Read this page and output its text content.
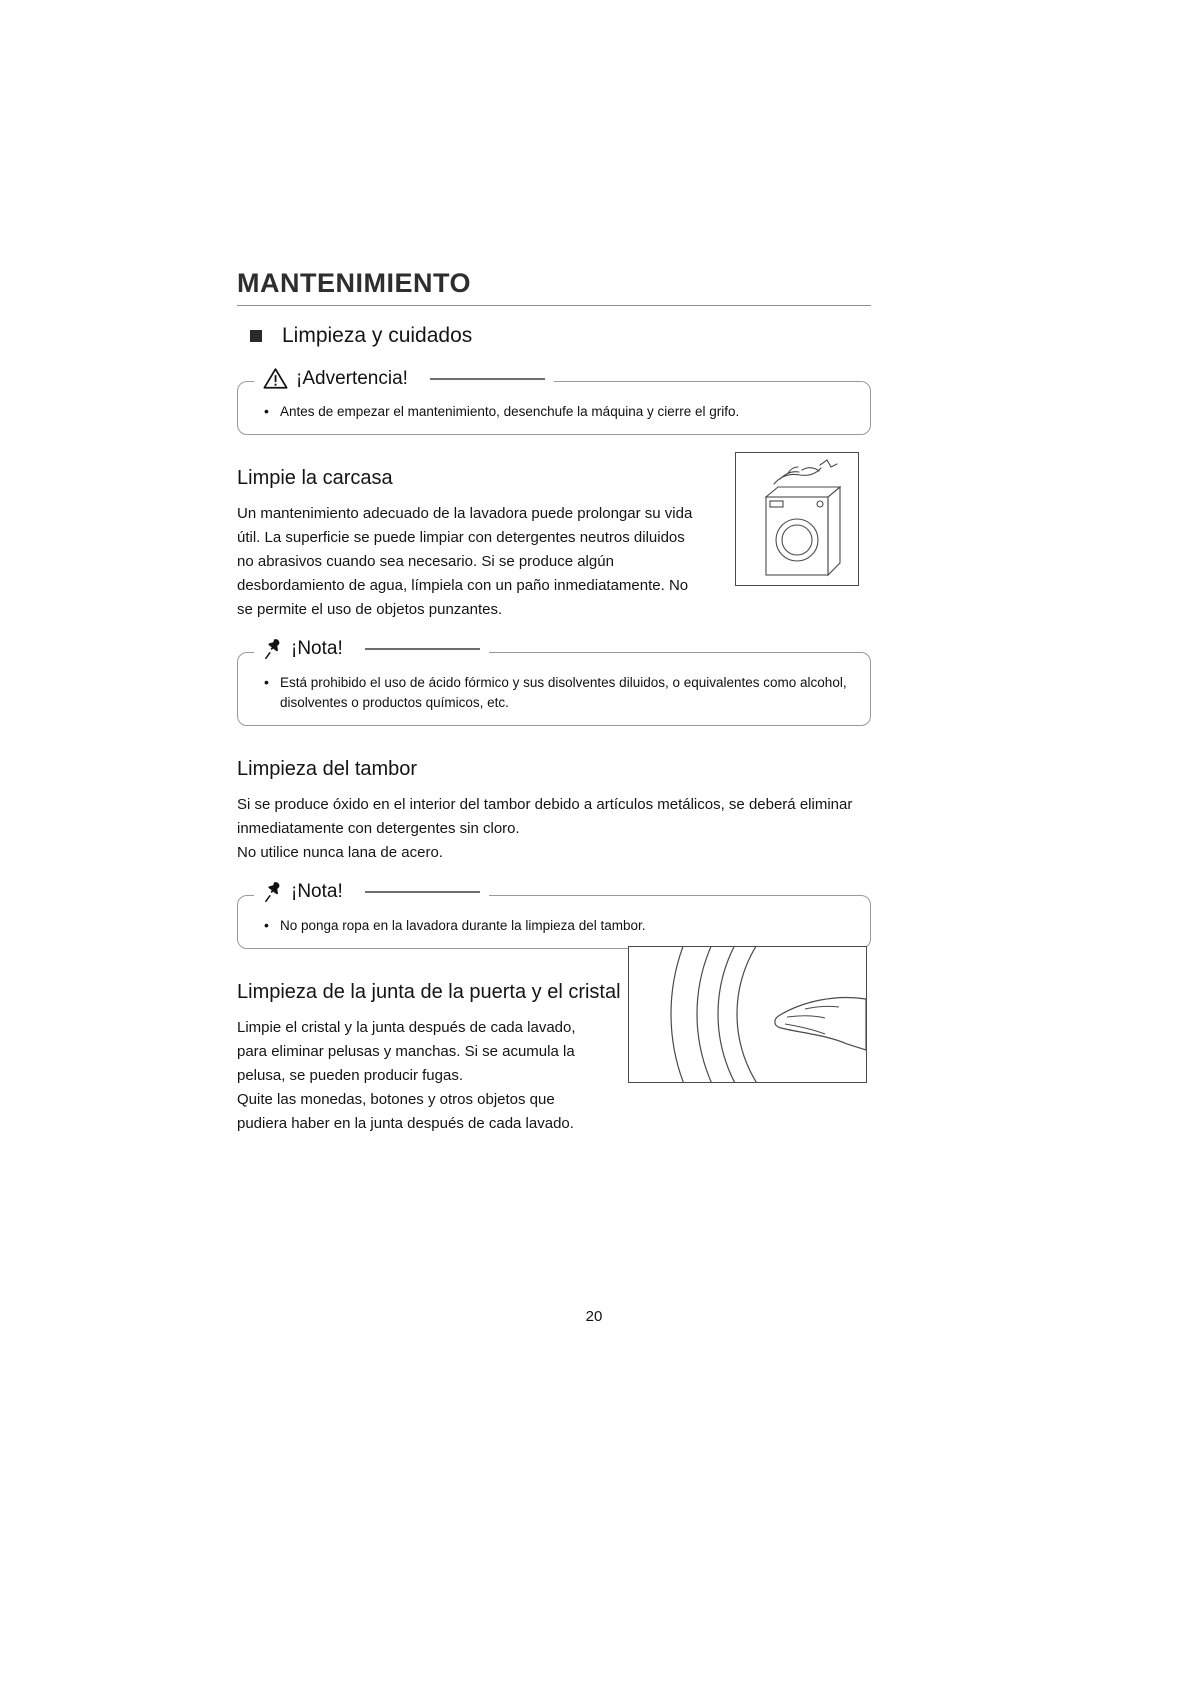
MANTENIMIENTO
Limpieza y cuidados
¡Advertencia!
• Antes de empezar el mantenimiento, desenchufe la máquina y cierre el grifo.
Limpie la carcasa

Un mantenimiento adecuado de la lavadora puede prolongar su vida útil. La superficie se puede limpiar con detergentes neutros diluidos no abrasivos cuando sea necesario. Si se produce algún desbordamiento de agua, límpiela con un paño inmediatamente. No se permite el uso de objetos punzantes.

¡Nota!
• Está prohibido el uso de ácido fórmico y sus disolventes diluidos, o equivalentes como alcohol, disolventes o productos químicos, etc.
Limpieza del tambor

Si se produce óxido en el interior del tambor debido a artículos metálicos, se deberá eliminar inmediatamente con detergentes sin cloro.

No utilice nunca lana de acero.

¡Nota!
• No ponga ropa en la lavadora durante la limpieza del tambor.
Limpieza de la junta de la puerta y el cristal

Limpie el cristal y la junta después de cada lavado, para eliminar pelusas y manchas. Si se acumula la pelusa, se pueden producir fugas.

Quite las monedas, botones y otros objetos que pudiera haber en la junta después de cada lavado.

20
